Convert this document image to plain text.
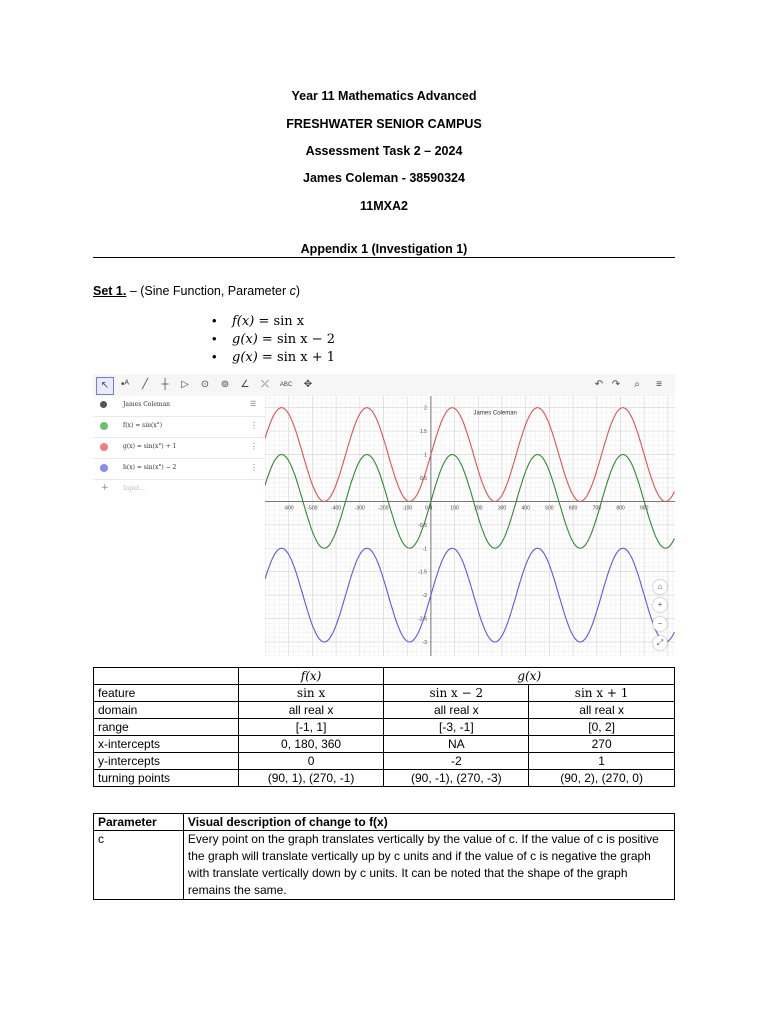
Year 11 Mathematics Advanced
FRESHWATER SENIOR CAMPUS
Assessment Task 2 – 2024
James Coleman - 38590324
11MXA2
Appendix 1 (Investigation 1)
Set 1. – (Sine Function, Parameter c)
• f(x) = sin x
• g(x) = sin x − 2
• g(x) = sin x + 1
↖	•ᴬ	╱	┼	▷	⊙	⊚	∠	⤫	ABC	✥	↶ ↷	⌕	≡
James Coleman	☰
f(x) = sin(x°)	⋮
g(x) = sin(x°) + 1	⋮
h(x) = sin(x°) − 2	⋮
+ Input...
-600	-500	-400	-300	-200	-100	0	100	200	300	400	500	600	700	800	900
-3
-2.5
-2
-1.5
-1
-0.5
0.5
1
1.5
2
0
James Coleman
⌂
+
−
⤢
	f(x)	g(x)	
feature	sin x	sin x − 2	sin x + 1
domain	all real x	all real x	all real x
range	[-1, 1]	[-3, -1]	[0, 2]
x-intercepts	0, 180, 360	NA	270
y-intercepts	0	-2	1
turning points	(90, 1), (270, -1)	(90, -1), (270, -3)	(90, 2), (270, 0)
Parameter	Visual description of change to f(x)
c	Every point on the graph translates vertically by the value of c. If the value of c is positive the graph will translate vertically up by c units and if the value of c is negative the graph with translate vertically down by c units. It can be noted that the shape of the graph remains the same.
